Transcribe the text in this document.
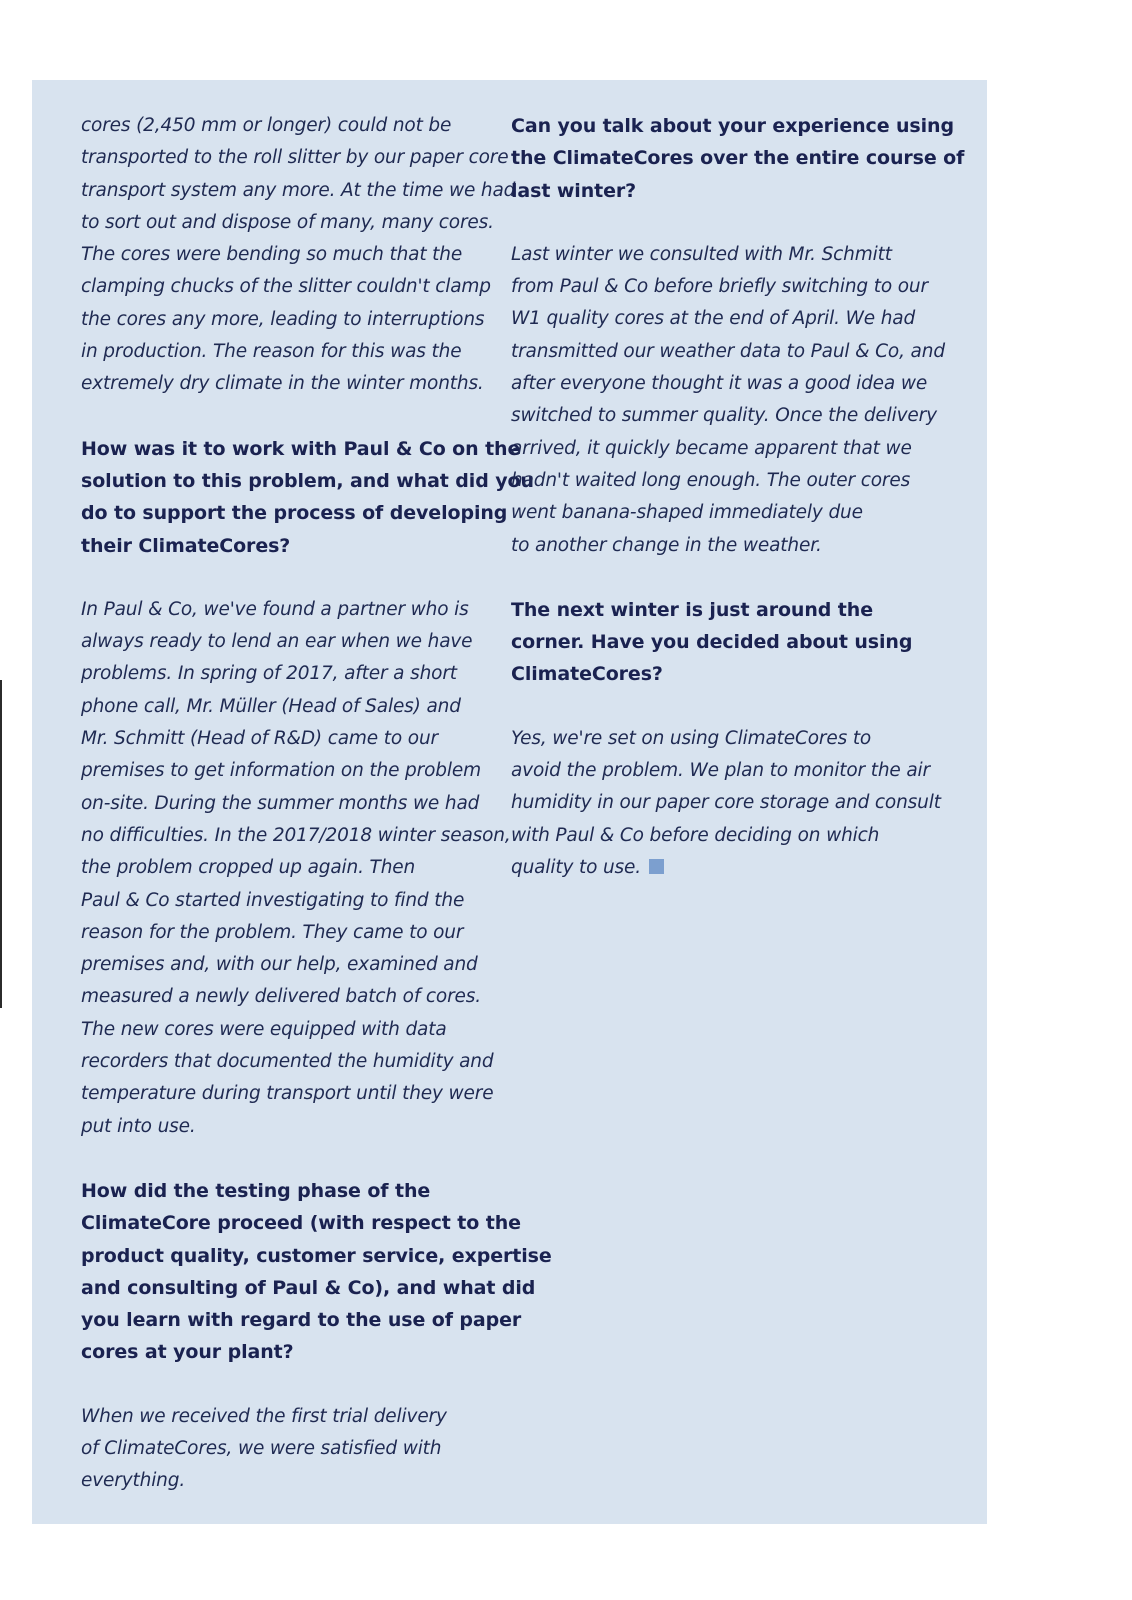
cores (2,450 mm or longer) could not be
transported to the roll slitter by our paper core
transport system any more. At the time we had
to sort out and dispose of many, many cores.
The cores were bending so much that the
clamping chucks of the slitter couldn't clamp
the cores any more, leading to interruptions
in production. The reason for this was the
extremely dry climate in the winter months.

How was it to work with Paul & Co on the
solution to this problem, and what did you
do to support the process of developing
their ClimateCores?

In Paul & Co, we've found a partner who is
always ready to lend an ear when we have
problems. In spring of 2017, after a short
phone call, Mr. Müller (Head of Sales) and
Mr. Schmitt (Head of R&D) came to our
premises to get information on the problem
on-site. During the summer months we had
no difficulties. In the 2017/2018 winter season,
the problem cropped up again. Then
Paul & Co started investigating to find the
reason for the problem. They came to our
premises and, with our help, examined and
measured a newly delivered batch of cores.
The new cores were equipped with data
recorders that documented the humidity and
temperature during transport until they were
put into use.

How did the testing phase of the
ClimateCore proceed (with respect to the
product quality, customer service, expertise
and consulting of Paul & Co), and what did
you learn with regard to the use of paper
cores at your plant?

When we received the first trial delivery
of ClimateCores, we were satisfied with
everything.

Can you talk about your experience using
the ClimateCores over the entire course of
last winter?

Last winter we consulted with Mr. Schmitt
from Paul & Co before briefly switching to our
W1 quality cores at the end of April. We had
transmitted our weather data to Paul & Co, and
after everyone thought it was a good idea we
switched to summer quality. Once the delivery
arrived, it quickly became apparent that we
hadn't waited long enough. The outer cores
went banana-shaped immediately due
to another change in the weather.

The next winter is just around the
corner. Have you decided about using
ClimateCores?

Yes, we're set on using ClimateCores to
avoid the problem. We plan to monitor the air
humidity in our paper core storage and consult
with Paul & Co before deciding on which
quality to use.
